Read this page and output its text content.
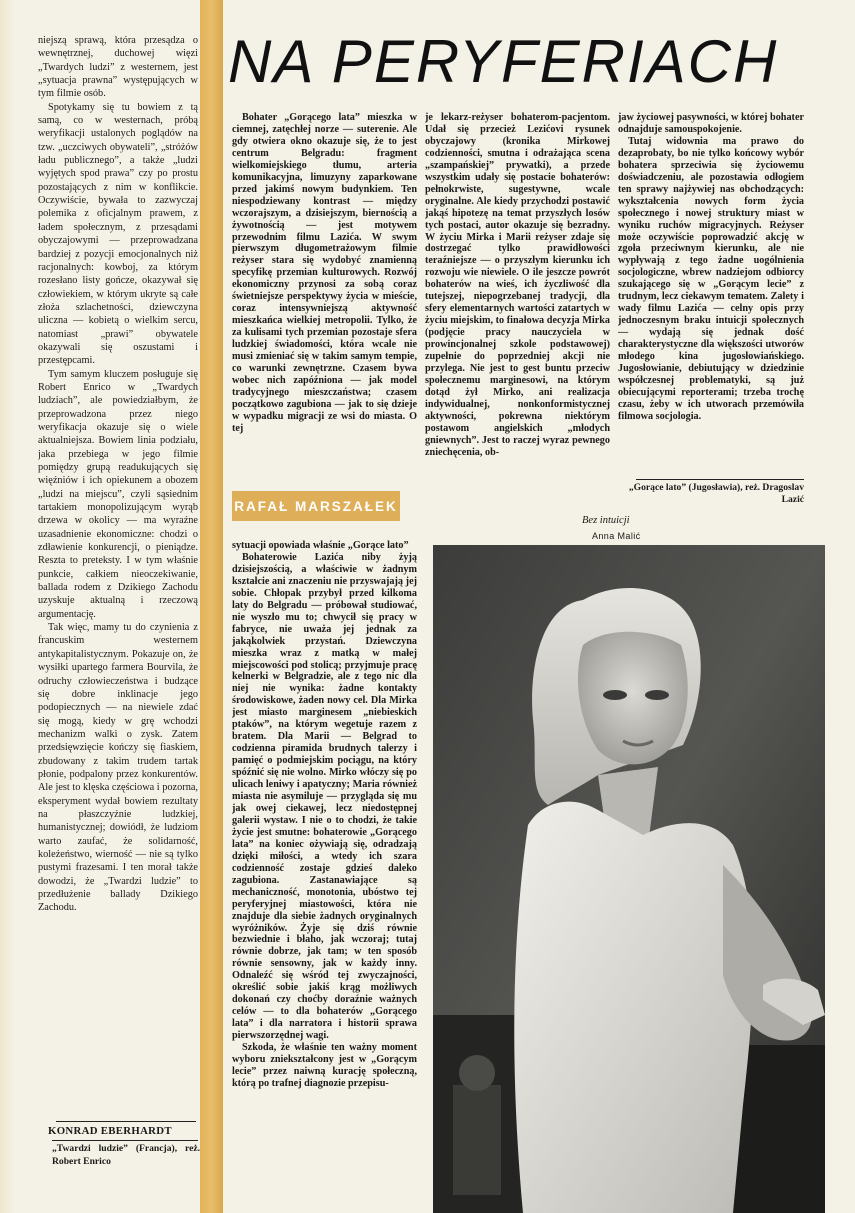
niejszą sprawą, która przesądza o wewnętrznej, duchowej więzi „Twardych ludzi” z westernem, jest „sytuacja prawna” występujących w tym filmie osób.

Spotykamy się tu bowiem z tą samą, co w westernach, próbą weryfikacji ustalonych poglądów na tzw. „uczciwych obywateli”, „stróżów ładu publicznego”, a także „ludzi wyjętych spod prawa” czy po prostu pozostających z nim w konflikcie. Oczywiście, bywała to zazwyczaj polemika z oficjalnym prawem, z ładem społecznym, z przesądami obyczajowymi — przeprowadzana bardziej z pozycji emocjonalnych niż racjonalnych: kowboj, za którym rozesłano listy gończe, okazywał się człowiekiem, w którym ukryte są całe złoża szlachetności, dziewczyna uliczna — kobietą o wielkim sercu, natomiast „prawi” obywatele okazywali się oszustami i przestępcami.

Tym samym kluczem posługuje się Robert Enrico w „Twardych ludziach”, ale powiedziałbym, że przeprowadzona przez niego weryfikacja okazuje się o wiele aktualniejsza. Bowiem linia podziału, jaka przebiega w jego filmie pomiędzy grupą readukujących się więźniów i ich opiekunem a obozem „ludzi na miejscu”, czyli sąsiednim tartakiem monopolizującym wyrąb drzewa w okolicy — ma wyraźne uzasadnienie ekonomiczne: chodzi o zdławienie konkurencji, o pieniądze. Reszta to preteksty. I w tym właśnie punkcie, całkiem nieoczekiwanie, ballada rodem z Dzikiego Zachodu uzyskuje aktualną i rzeczową argumentację.

Tak więc, mamy tu do czynienia z francuskim westernem antykapitalistycznym. Pokazuje on, że wysiłki upartego farmera Bourvila, że odruchy człowieczeństwa i budzące się dobre inklinacje jego podopiecznych — na niewiele zdać się mogą, kiedy w grę wchodzi mechanizm walki o zysk. Zatem przedsięwzięcie kończy się fiaskiem, zbudowany z takim trudem tartak płonie, podpalony przez konkurentów. Ale jest to klęska częściowa i pozorna, eksperyment wydał bowiem rezultaty na płaszczyźnie ludzkiej, humanistycznej; dowiódł, że ludziom warto zaufać, że solidarność, koleżeństwo, wierność — nie są tylko pustymi frazesami. I ten morał także dowodzi, że „Twardzi ludzie” to przedłużenie ballady Dzikiego Zachodu.

KONRAD EBERHARDT
„Twardzi ludzie” (Francja), reż. Robert Enrico
NA PERYFERIACH

Bohater „Gorącego lata” mieszka w ciemnej, zatęchłej norze — suterenie. Ale gdy otwiera okno okazuje się, że to jest centrum Belgradu: fragment wielkomiejskiego tłumu, arteria komunikacyjna, limuzyny zaparkowane przed jakimś nowym budynkiem. Ten niespodziewany kontrast — między wczorajszym, a dzisiejszym, biernością a żywotnością — jest motywem przewodnim filmu Lazića. W swym pierwszym długometrażowym filmie reżyser stara się wydobyć znamienną specyfikę przemian kulturowych. Rozwój ekonomiczny przynosi za sobą coraz świetniejsze perspektywy życia w mieście, coraz intensywniejszą aktywność mieszkańca wielkiej metropolii. Tylko, że za kulisami tych przemian pozostaje sfera ludzkiej świadomości, która wcale nie musi zmieniać się w takim samym tempie, co warunki zewnętrzne. Czasem bywa wobec nich zapóźniona — jak model tradycyjnego mieszczaństwa; czasem początkowo zagubiona — jak to się dzieje w wypadku migracji ze wsi do miasta. O tej

je lekarz-reżyser bohaterom-pacjentom. Udał się przecież Lezićovi rysunek obyczajowy (kronika Mirkowej codzienności, smutna i odrażająca scena „szampańskiej” prywatki), a przede wszystkim udały się postacie bohaterów: pełnokrwiste, sugestywne, wcale oryginalne. Ale kiedy przychodzi postawić jakąś hipotezę na temat przyszłych losów tych postaci, autor okazuje się bezradny. W życiu Mirka i Marii reżyser zdaje się dostrzegać tylko prawidłowości teraźniejsze — o przyszłym kierunku ich rozwoju wie niewiele. O ile jeszcze powrót bohaterów na wieś, ich życzliwość dla tutejszej, niepogrzebanej tradycji, dla sfery elementarnych wartości zatartych w życiu miejskim, to finałowa decyzja Mirka (podjęcie pracy nauczyciela w prowincjonalnej szkole podstawowej) zupełnie do poprzedniej akcji nie przylega. Nie jest to gest buntu przeciw społecznemu marginesowi, na którym dotąd żył Mirko, ani realizacja indywidualnej, nonkonformistycznej aktywności, pokrewna niektórym postawom angielskich „młodych gniewnych”. Jest to raczej wyraz pewnego zniechęcenia, ob-

jaw życiowej pasywności, w której bohater odnajduje samouspokojenie.

Tutaj widownia ma prawo do dezaprobaty, bo nie tylko końcowy wybór bohatera sprzeciwia się życiowemu doświadczeniu, ale pozostawia odłogiem ten sprawy najżywiej nas obchodzących: wykształcenia nowych form życia społecznego i nowej struktury miast w wyniku ruchów migracyjnych. Reżyser może oczywiście poprowadzić akcję w zgoła przeciwnym kierunku, ale nie wypływają z tego żadne uogólnienia socjologiczne, wbrew nadziejom odbiorcy szukającego się w „Gorącym lecie” z trudnym, lecz ciekawym tematem. Zalety i wady filmu Lazića — celny opis przy jednoczesnym braku intuicji społecznych — wydają się jednak dość charakterystyczne dla większości utworów młodego kina jugosłowiańskiego. Jugosłowianie, debiutujący w dziedzinie współczesnej problematyki, są już obiecującymi reporterami; trzeba trochę czasu, żeby w ich utworach przemówiła filmowa socjologia.

„Gorące lato” (Jugosławia), reż. Dragoslav Lazić
RAFAŁ MARSZAŁEK

sytuacji opowiada właśnie „Gorące lato”

Bohaterowie Lazića niby żyją dzisiejszością, a właściwie w żadnym kształcie ani znaczeniu nie przyswajają jej sobie. Chłopak przybył przed kilkoma laty do Belgradu — próbował studiować, nie wyszło mu to; chwycił się pracy w fabryce, nie uważa jej jednak za jakąkolwiek przystań. Dziewczyna mieszka wraz z matką w małej miejscowości pod stolicą; przyjmuje pracę kelnerki w Belgradzie, ale z tego nic dla niej nie wynika: żadne kontakty środowiskowe, żaden nowy cel. Dla Mirka jest miasto marginesem „niebieskich ptaków”, na którym wegetuje razem z bratem. Dla Marii — Belgrad to codzienna piramida brudnych talerzy i pamięć o podmiejskim pociągu, na który spóźnić się nie wolno. Mirko włóczy się po ulicach leniwy i apatyczny; Maria również miasta nie asymiluje — przygląda się mu jak owej ciekawej, lecz niedostępnej galerii wystaw. I nie o to chodzi, że takie życie jest smutne: bohaterowie „Gorącego lata” na koniec ożywiają się, odradzają dzięki miłości, a wtedy ich szara codzienność zostaje gdzieś daleko zagubiona. Zastanawiające są mechaniczność, monotonia, ubóstwo tej peryferyjnej miastowości, która nie znajduje dla siebie żadnych oryginalnych wyróżników. Żyje się dziś równie bezwiednie i błaho, jak wczoraj; tutaj równie dobrze, jak tam; w ten sposób równie sensowny, jak w każdy inny. Odnaleźć się wśród tej zwyczajności, określić sobie jakiś krąg możliwych dokonań czy choćby doraźnie ważnych celów — to dla bohaterów „Gorącego lata” i dla narratora i historii sprawa pierwszorzędnej wagi.

Szkoda, że właśnie ten ważny moment wyboru zniekształcony jest w „Gorącym lecie” przez naiwną kurację społeczną, którą po trafnej diagnozie przepisu-

Bez intuicji
Anna Malić
